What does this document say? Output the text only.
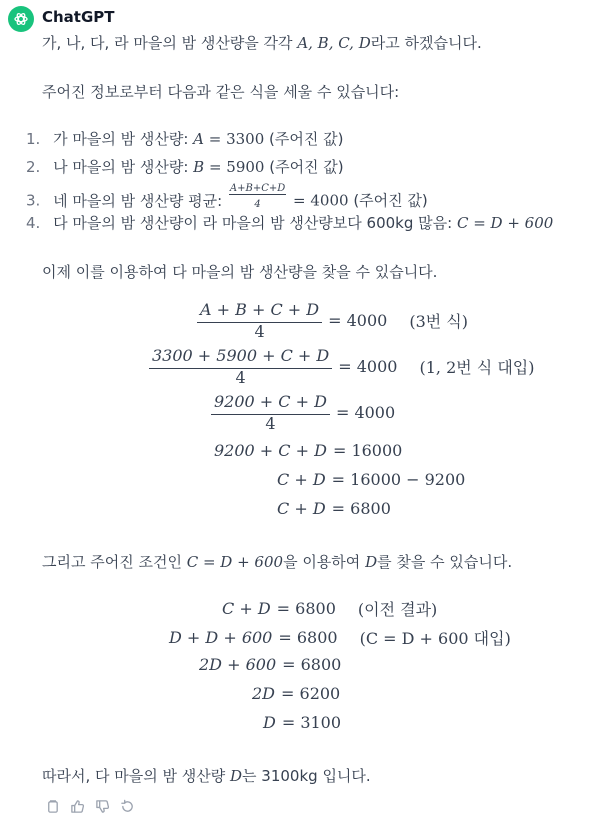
ChatGPT
가, 나, 다, 라 마을의 밤 생산량을 각각 A, B, C, D라고 하겠습니다.
주어진 정보로부터 다음과 같은 식을 세울 수 있습니다:
1. 가 마을의 밤 생산량: A = 3300 (주어진 값)
2. 나 마을의 밤 생산량: B = 5900 (주어진 값)
3. 네 마을의 밤 생산량 평균: $\frac{A+B+C+D}{4} = 4000$ (주어진 값)
4. 다 마을의 밤 생산량이 라 마을의 밤 생산량보다 600kg 많음: C = D + 600
이제 이를 이용하여 다 마을의 밤 생산량을 찾을 수 있습니다.
$\frac{A + B + C + D}{4} = 4000$ (3번 식)
$\frac{3300 + 5900 + C + D}{4} = 4000$ (1, 2번 식 대입)
$\frac{9200 + C + D}{4} = 4000$
9200 + C + D = 16000
C + D = 16000 − 9200
C + D = 6800
그리고 주어진 조건인 C = D + 600을 이용하여 D를 찾을 수 있습니다.
C + D = 6800 (이전 결과)
D + D + 600 = 6800 (C = D + 600 대입)
2D + 600 = 6800
2D = 6200
D = 3100
따라서, 다 마을의 밤 생산량 D는 3100kg 입니다.
